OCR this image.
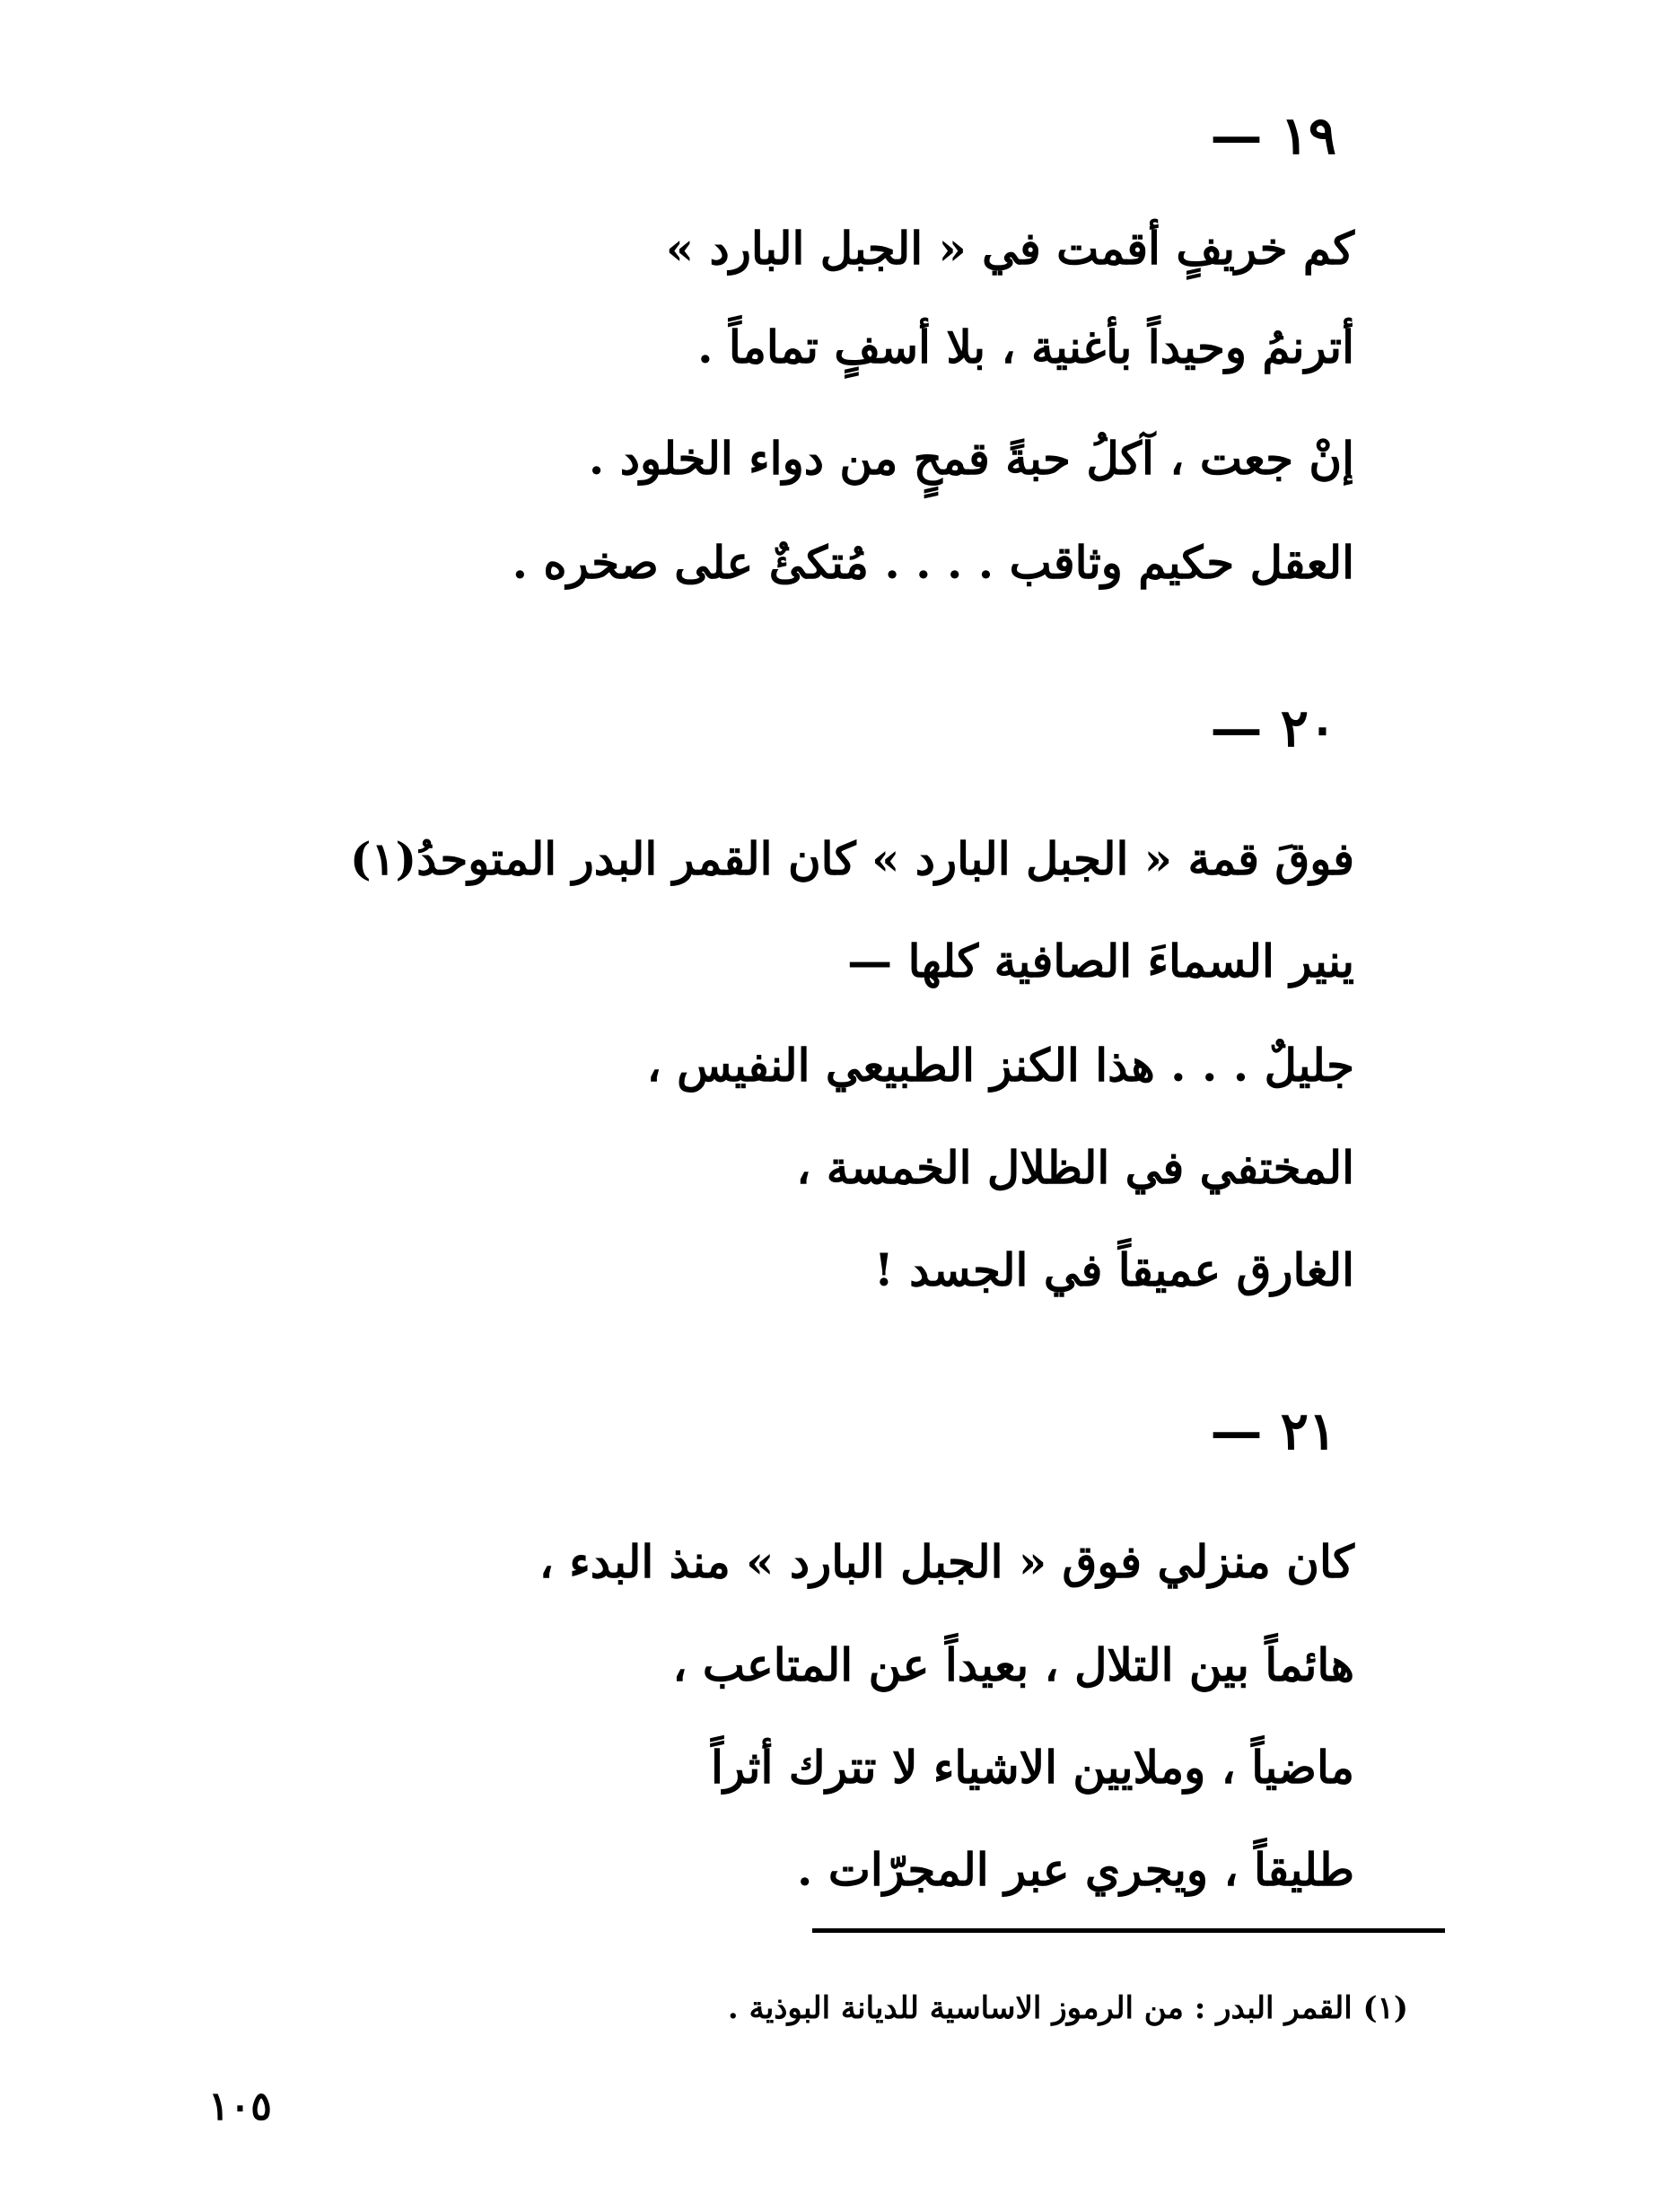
١٩ —
كم خريفٍ أقمت في « الجبل البارد »
أترنمُ وحيداً بأغنية ، بلا أسفٍ تماماً .
إنْ جعت ، آكلُ حبةً قمحٍ من دواء الخلود .
العقل حكيم وثاقب . . . . مُتكئٌ على صخره .
٢٠ —
فوقَ قمة « الجبل البارد » كان القمر البدر المتوحدُ(١)
ينير السماءَ الصافية كلها —
جليلٌ . . . هذا الكنز الطبيعي النفيس ،
المختفي في الظلال الخمسة ،
الغارق عميقاً في الجسد !
٢١ —
كان منزلي فوق « الجبل البارد » منذ البدء ،
هائماً بين التلال ، بعيداً عن المتاعب ،
ماضياً ، وملايين الاشياء لا تترك أثراً
طليقاً ، ويجري عبر المجرّات .
(١) القمر البدر : من الرموز الاساسية للديانة البوذية .
١٠٥
